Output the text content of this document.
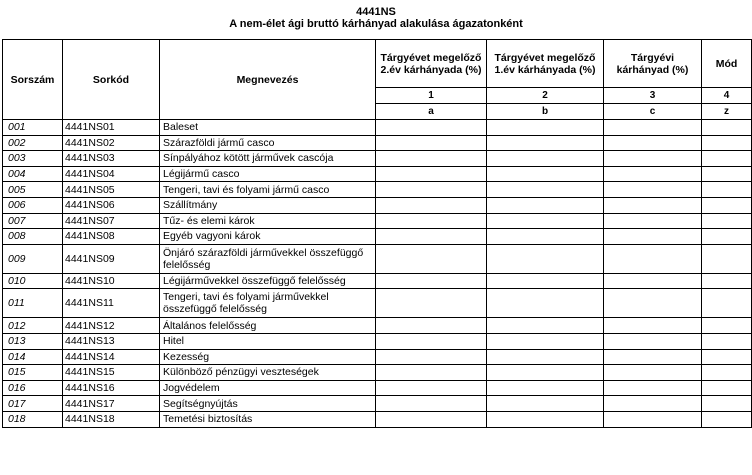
4441NS
A nem-élet ági bruttó kárhányad alakulása ágazatonként
Sorszám	Sorkód	Megnevezés	Tárgyévet megelőző 2.év kárhányada (%)	Tárgyévet megelőző 1.év kárhányada (%)	Tárgyévi kárhányad (%)	Mód
			1	2	3	4
			a	b	c	z
001	4441NS01	Baleset				
002	4441NS02	Szárazföldi jármű casco				
003	4441NS03	Sínpályához kötött járművek cascója				
004	4441NS04	Légijármű casco				
005	4441NS05	Tengeri, tavi és folyami jármű casco				
006	4441NS06	Szállítmány				
007	4441NS07	Tűz- és elemi károk				
008	4441NS08	Egyéb vagyoni károk				
009	4441NS09	Önjáró szárazföldi járművekkel összefüggő felelősség				
010	4441NS10	Légijárművekkel összefüggő felelősség				
011	4441NS11	Tengeri, tavi és folyami járművekkel összefüggő felelősség				
012	4441NS12	Általános felelősség				
013	4441NS13	Hitel				
014	4441NS14	Kezesség				
015	4441NS15	Különböző pénzügyi veszteségek				
016	4441NS16	Jogvédelem				
017	4441NS17	Segítségnyújtás				
018	4441NS18	Temetési biztosítás				
